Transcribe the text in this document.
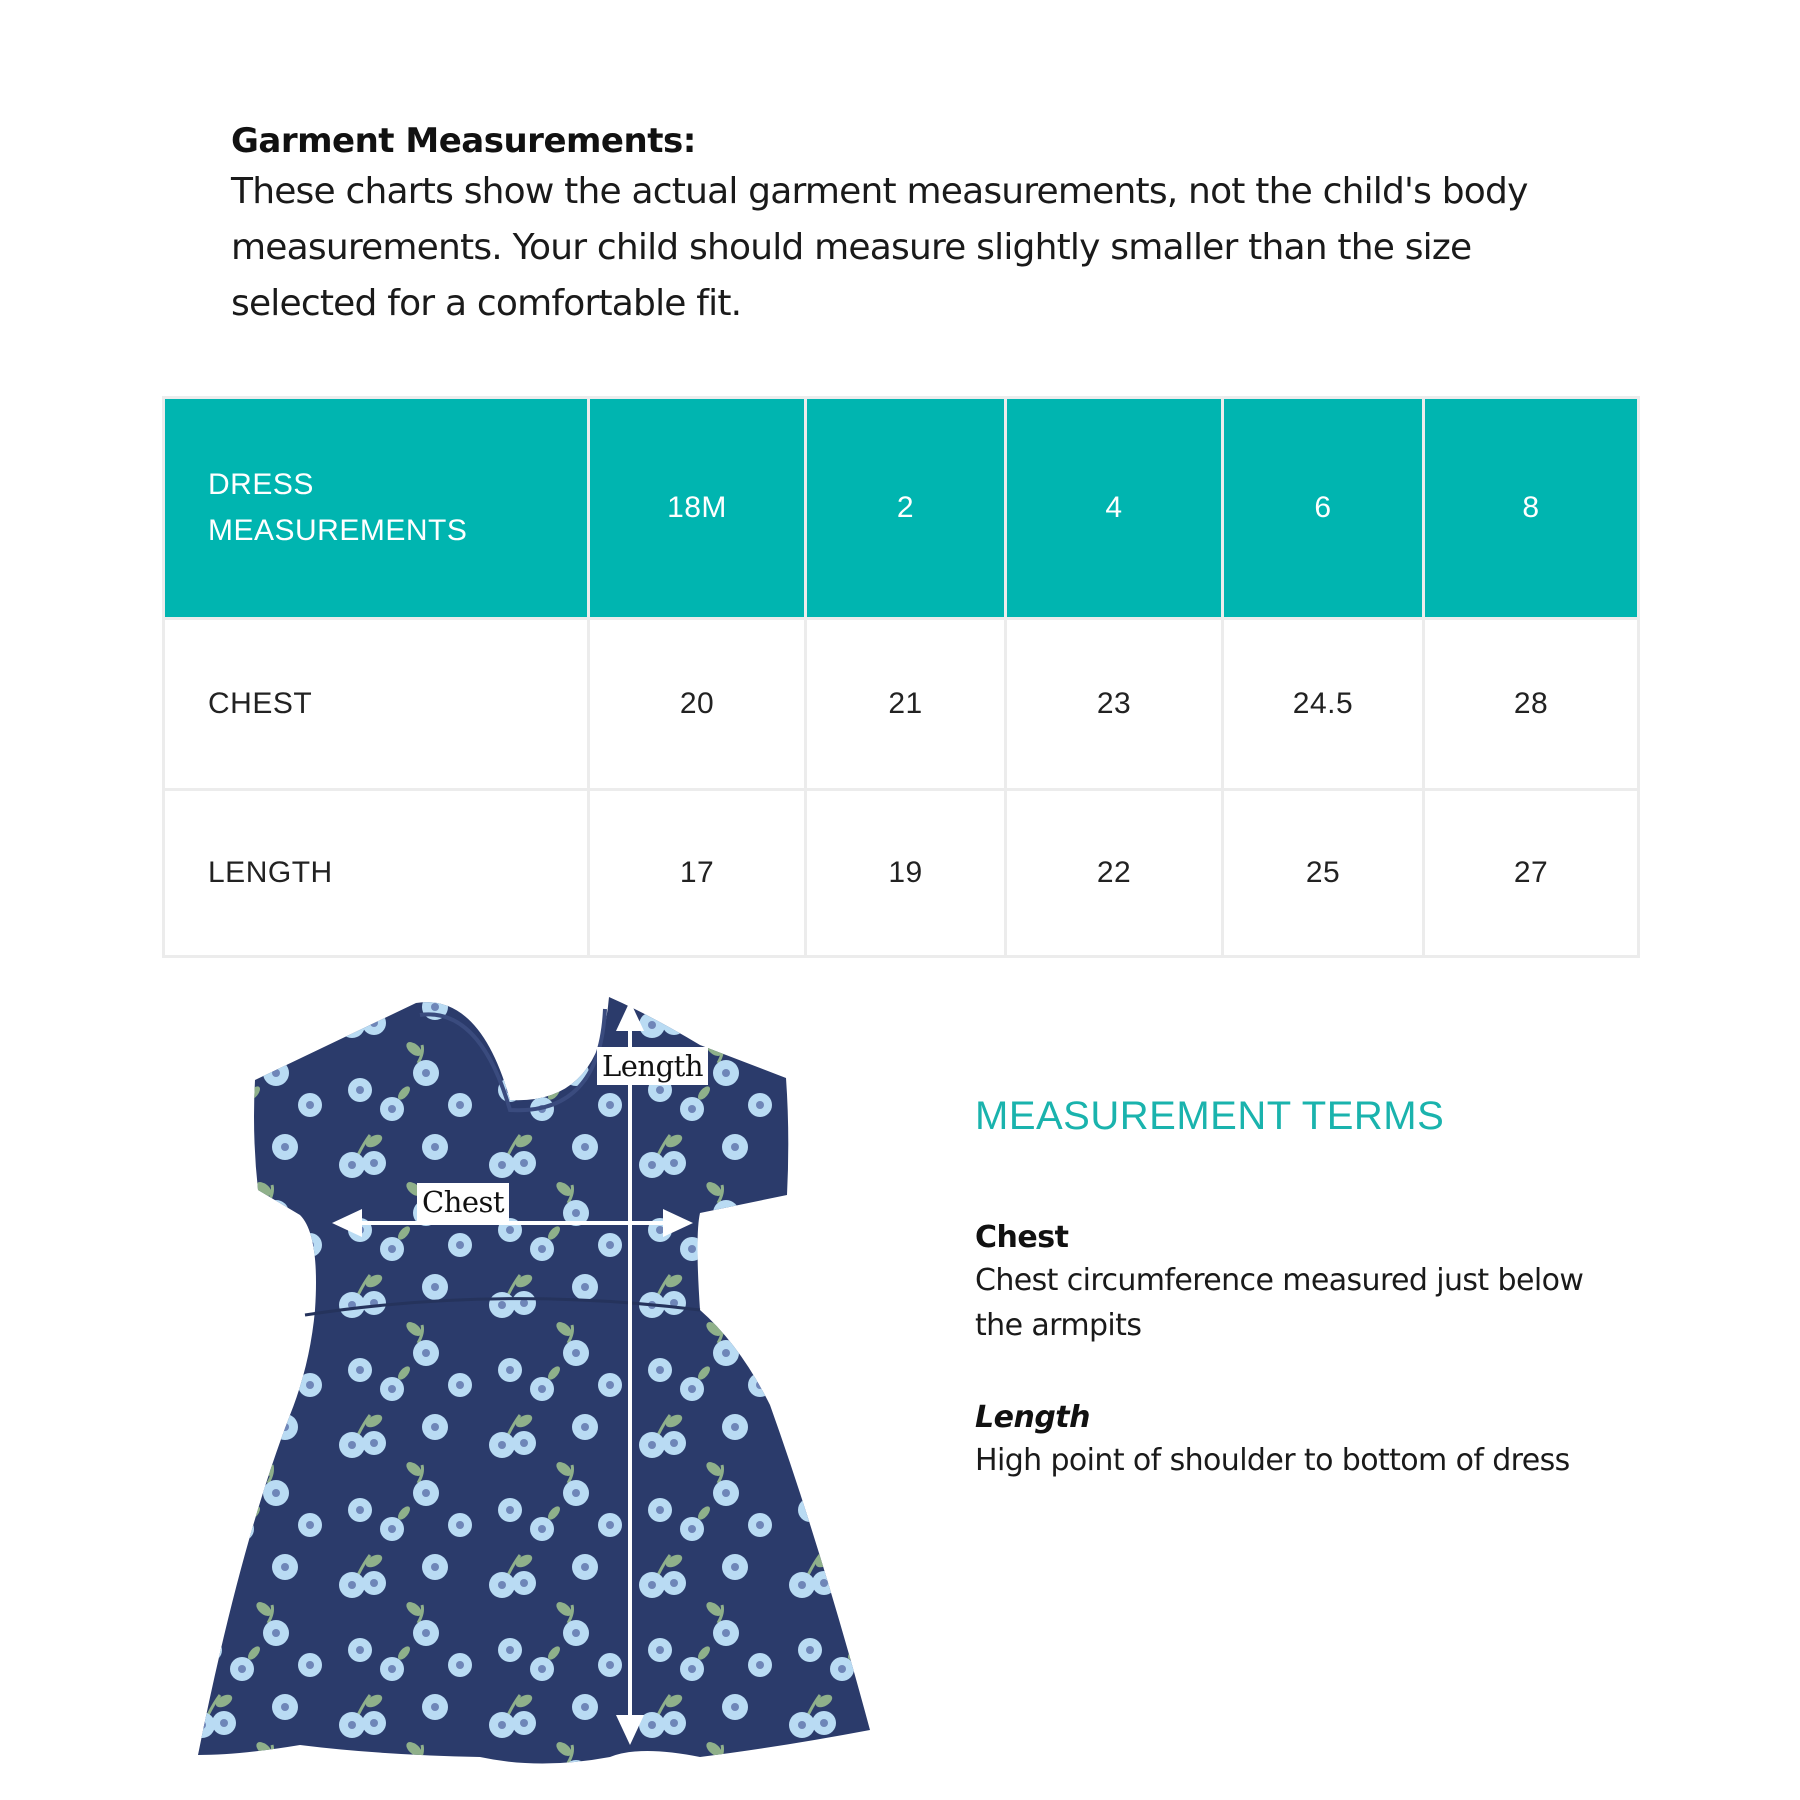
Garment Measurements:
These charts show the actual garment measurements, not the child's body
measurements. Your child should measure slightly smaller than the size
selected for a comfortable fit.
DRESS
MEASUREMENTS
18M	2	4	6	8
CHEST	20	21	23	24.5	28
LENGTH	17	19	22	25	27
Length
Chest
MEASUREMENT TERMS
Chest
Chest circumference measured just below
the armpits
Length
High point of shoulder to bottom of dress
